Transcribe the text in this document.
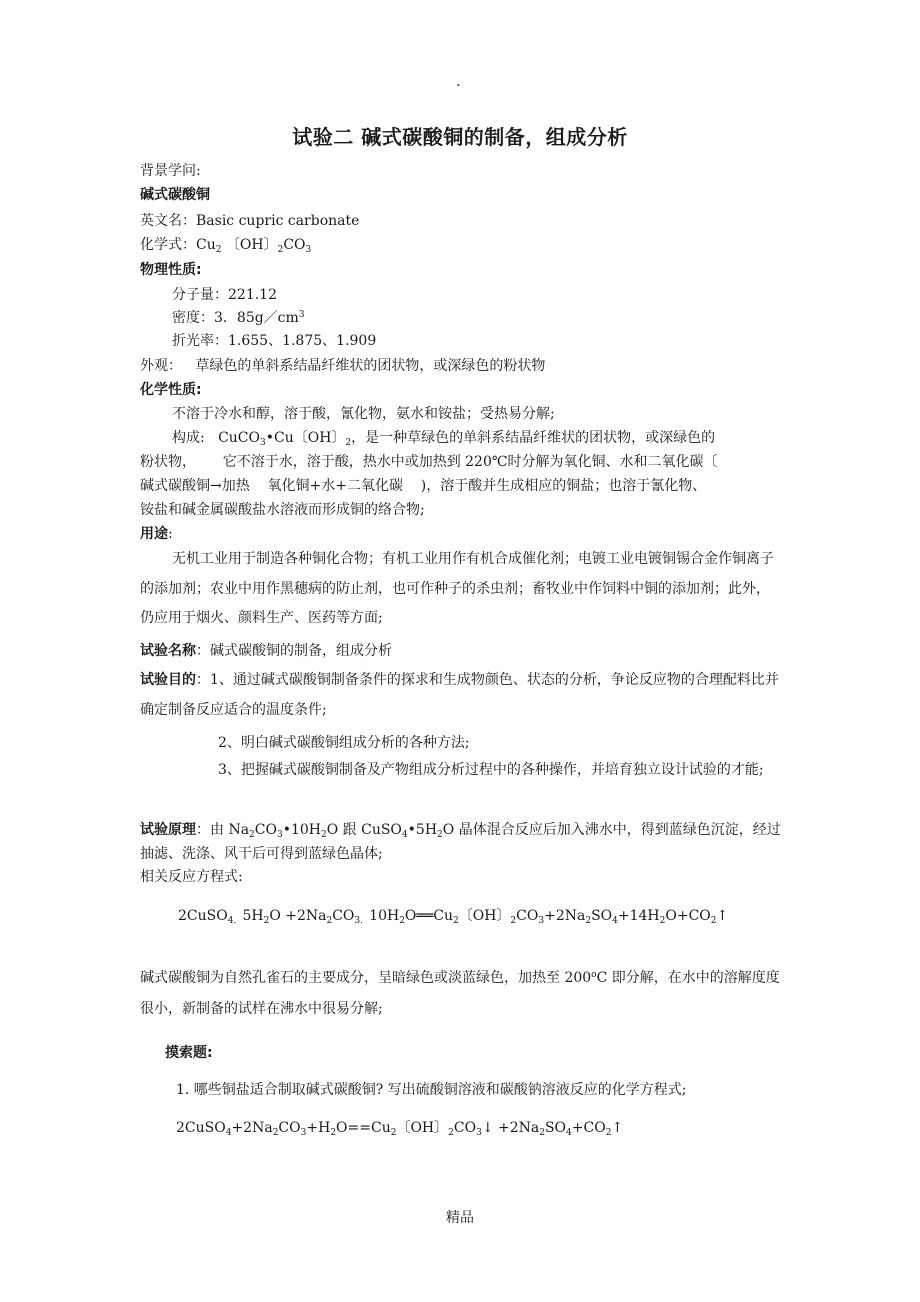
.
试验二 碱式碳酸铜的制备，组成分析
背景学问:
碱式碳酸铜
英文名：Basic cupric carbonate
化学式：$Cu_2$ 〔OH〕$_2CO_3$
物理性质:
分子量：221.12
密度：3．$85g/cm^3$
折光率：1.655、1.875、1.909
外观： 草绿色的单斜系结晶纤维状的团状物，或深绿色的粉状物
化学性质:
不溶于冷水和醇，溶于酸，氰化物，氨水和铵盐；受热易分解;
构成: CuCO$_3$•Cu〔OH〕$_2$，是一种草绿色的单斜系结晶纤维状的团状物，或深绿色的
粉状物， 它不溶于水，溶于酸，热水中或加热到 220℃时分解为氧化铜、水和二氧化碳〔
碱式碳酸铜→加热    氧化铜+水+二氧化碳    )，溶于酸并生成相应的铜盐；也溶于氰化物、
铵盐和碱金属碳酸盐水溶液而形成铜的络合物;
用途:
无机工业用于制造各种铜化合物；有机工业用作有机合成催化剂；电镀工业电镀铜锡合金作铜离子的添加剂；农业中用作黑穗病的防止剂，也可作种子的杀虫剂；畜牧业中作饲料中铜的添加剂；此外，仍应用于烟火、颜料生产、医药等方面;
试验名称：碱式碳酸铜的制备，组成分析
试验目的：1、通过碱式碳酸铜制备条件的探求和生成物颜色、状态的分析，争论反应物的合理配料比并确定制备反应适合的温度条件;
2、明白碱式碳酸铜组成分析的各种方法;
3、把握碱式碳酸铜制备及产物组成分析过程中的各种操作，并培育独立设计试验的才能;
试验原理：由 $Na_2CO_3•10H_2O$ 跟 $CuSO_4•5H_2O$ 晶体混合反应后加入沸水中，得到蓝绿色沉淀，经过抽滤、洗涤、风干后可得到蓝绿色晶体;
相关反应方程式:
$2CuSO_{4.}5H_2O$ $+2Na_2CO_{3.}10H_2O══Cu_2$〔OH〕$_2CO_3+2Na_2SO_4+14H_2O+CO_2↑$
碱式碳酸铜为自然孔雀石的主要成分，呈暗绿色或淡蓝绿色，加热至 200$^o$C 即分解，在水中的溶解度度很小，新制备的试样在沸水中很易分解;
摸索题:
1. 哪些铜盐适合制取碱式碳酸铜? 写出硫酸铜溶液和碳酸钠溶液反应的化学方程式;
$2CuSO_4+2Na_2CO_3+H_2O==Cu_2$〔OH〕$_2CO_3↓$ $+2Na_2SO_4+CO_2↑$
精品
